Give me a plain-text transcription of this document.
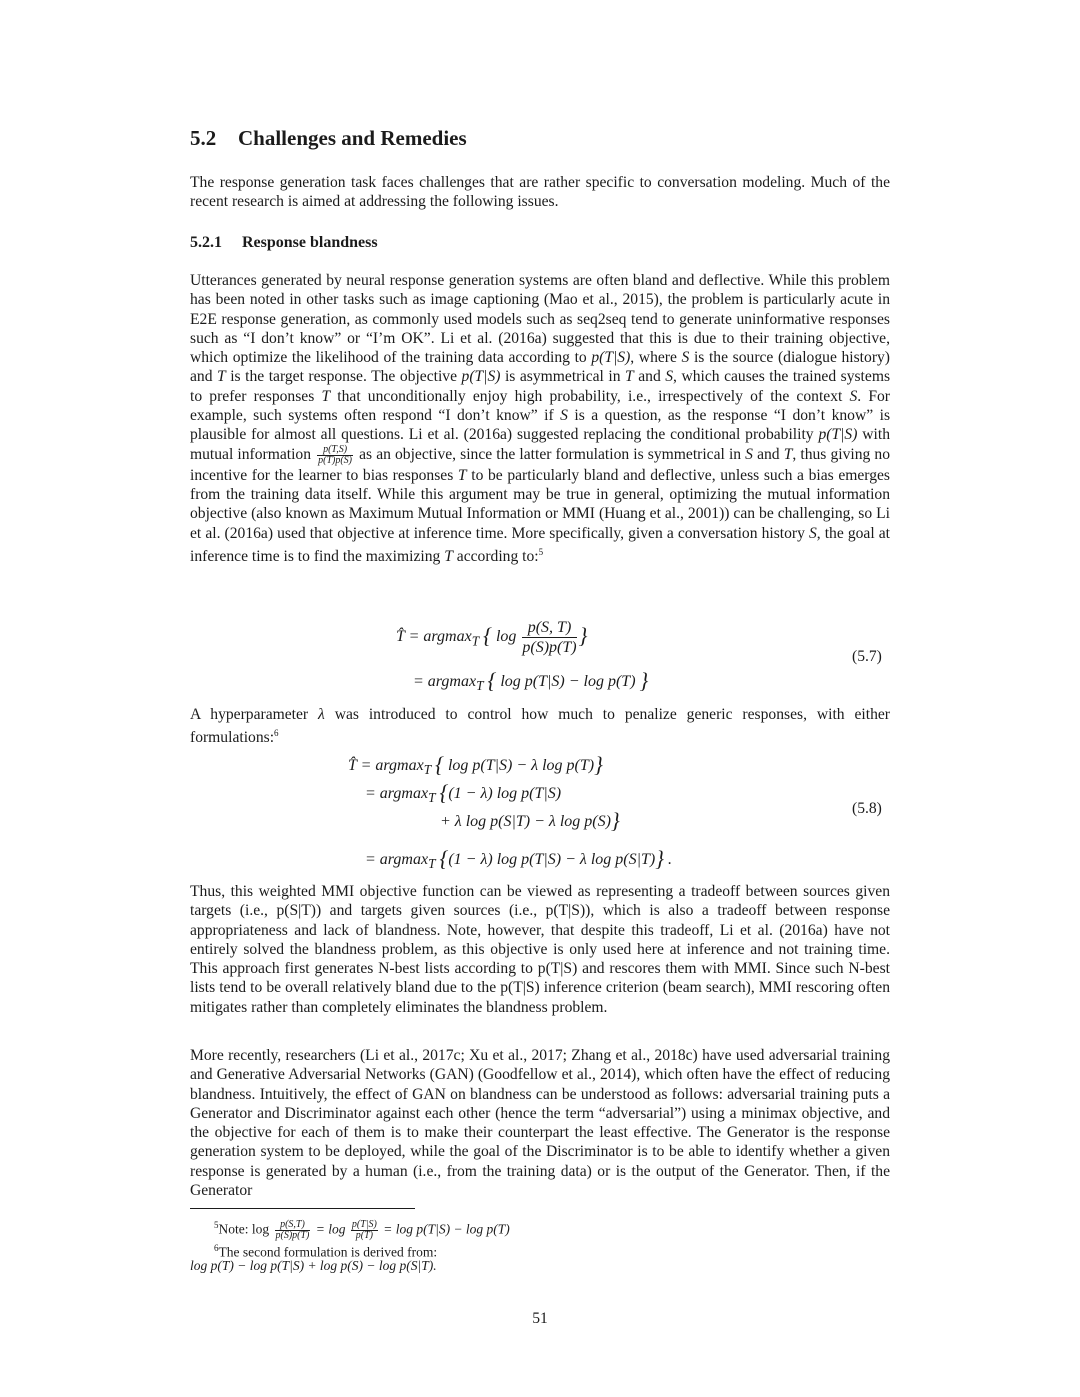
5.2 Challenges and Remedies

The response generation task faces challenges that are rather specific to conversation modeling. Much of the recent research is aimed at addressing the following issues.

5.2.1 Response blandness

Utterances generated by neural response generation systems are often bland and deflective. While this problem has been noted in other tasks such as image captioning (Mao et al., 2015), the problem is particularly acute in E2E response generation, as commonly used models such as seq2seq tend to generate uninformative responses such as “I don’t know” or “I’m OK”. Li et al. (2016a) suggested that this is due to their training objective, which optimize the likelihood of the training data according to p(T|S), where S is the source (dialogue history) and T is the target response. The objective p(T|S) is asymmetrical in T and S, which causes the trained systems to prefer responses T that unconditionally enjoy high probability, i.e., irrespectively of the context S. For example, such systems often respond “I don’t know” if S is a question, as the response “I don’t know” is plausible for almost all questions. Li et al. (2016a) suggested replacing the conditional probability p(T|S) with mutual information $\frac{p(T,S)}{p(T)p(S)}$ as an objective, since the latter formulation is symmetrical in S and T, thus giving no incentive for the learner to bias responses T to be particularly bland and deflective, unless such a bias emerges from the training data itself. While this argument may be true in general, optimizing the mutual information objective (also known as Maximum Mutual Information or MMI (Huang et al., 2001)) can be challenging, so Li et al. (2016a) used that objective at inference time. More specifically, given a conversation history S, the goal at inference time is to find the maximizing T according to:$^5$

T̂ = argmax$_T$ { $\log \frac{p(S, T)}{p(S)p(T)}$}
= argmax$_T$ { log p(T|S) − log p(T) }
(5.7)

A hyperparameter λ was introduced to control how much to penalize generic responses, with either formulations:$^6$

T̂ = argmax$_T$ { log p(T|S) − λ log p(T)}
= argmax$_T$ {(1 − λ) log p(T|S)
+ λ log p(S|T) − λ log p(S)}
= argmax$_T$ {(1 − λ) log p(T|S) − λ log p(S|T)} .
(5.8)

Thus, this weighted MMI objective function can be viewed as representing a tradeoff between sources given targets (i.e., p(S|T)) and targets given sources (i.e., p(T|S)), which is also a tradeoff between response appropriateness and lack of blandness. Note, however, that despite this tradeoff, Li et al. (2016a) have not entirely solved the blandness problem, as this objective is only used here at inference and not training time. This approach first generates N-best lists according to p(T|S) and rescores them with MMI. Since such N-best lists tend to be overall relatively bland due to the p(T|S) inference criterion (beam search), MMI rescoring often mitigates rather than completely eliminates the blandness problem.

More recently, researchers (Li et al., 2017c; Xu et al., 2017; Zhang et al., 2018c) have used adversarial training and Generative Adversarial Networks (GAN) (Goodfellow et al., 2014), which often have the effect of reducing blandness. Intuitively, the effect of GAN on blandness can be understood as follows: adversarial training puts a Generator and Discriminator against each other (hence the term “adversarial”) using a minimax objective, and the objective for each of them is to make their counterpart the least effective. The Generator is the response generation system to be deployed, while the goal of the Discriminator is to be able to identify whether a given response is generated by a human (i.e., from the training data) or is the output of the Generator. Then, if the Generator

$^5$Note: $\log \frac{p(S,T)}{p(S)p(T)} = \log \frac{p(T|S)}{p(T)} = \log p(T|S) - \log p(T)$
$^6$The second formulation is derived from:
log p(T) − log p(T|S) + log p(S) − log p(S|T).
51
